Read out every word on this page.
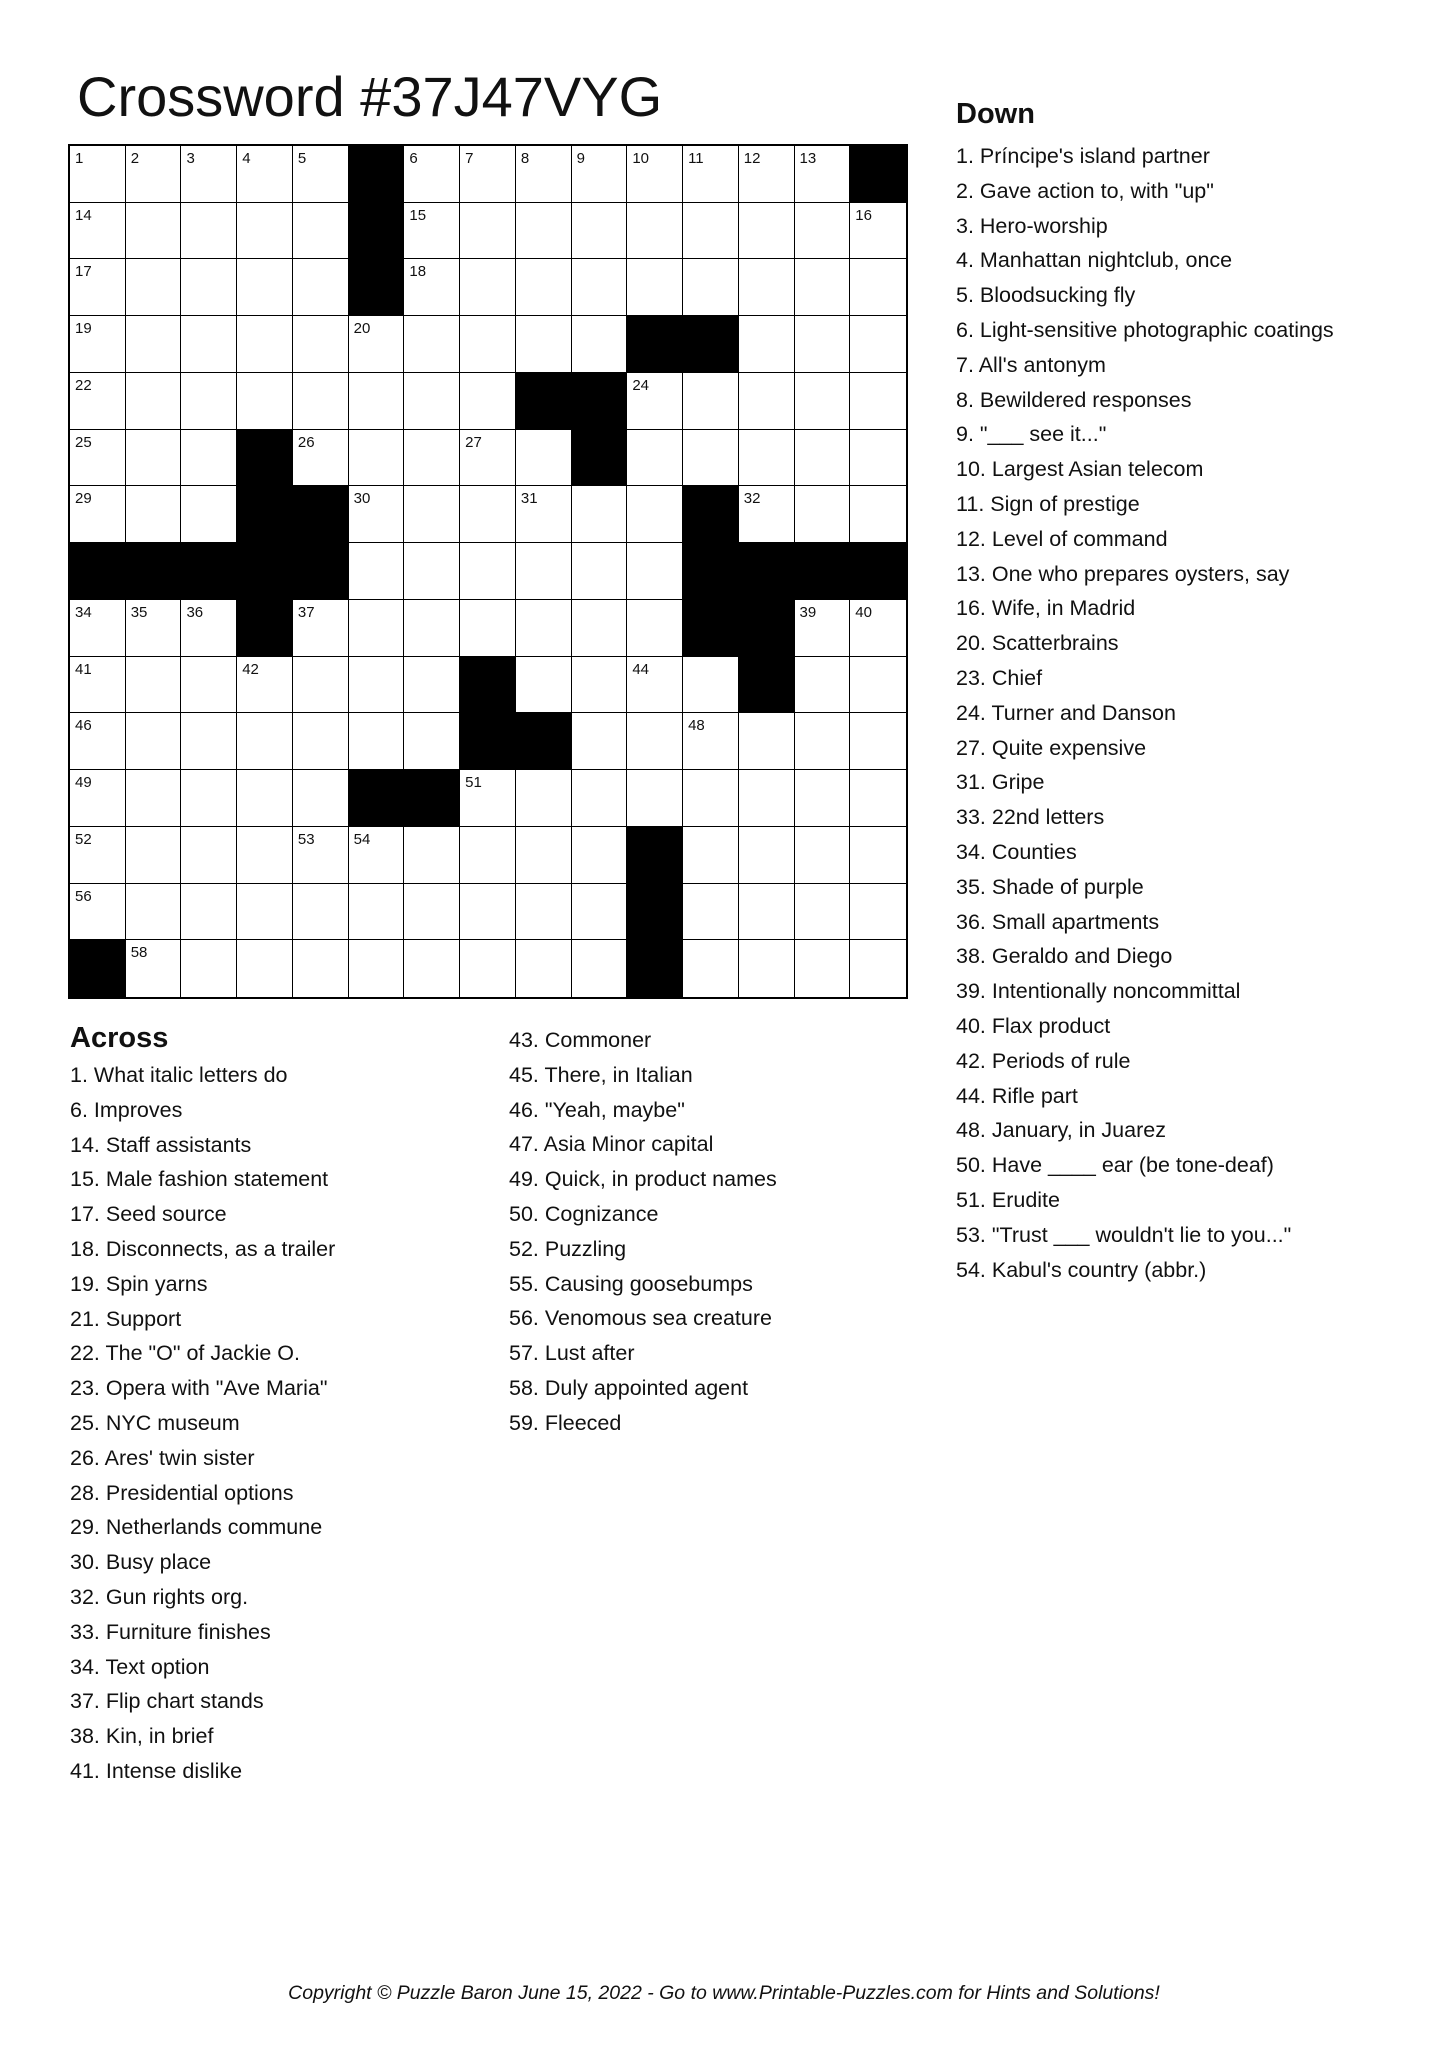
Crossword #37J47VYG
1	2	3	4	5	6	7	8	9	10	11	12	13
14	15	16
17	18
19	20
22	24
25	26	27
29	30	31	32
34	35	36	37	39	40
41	42	44
46	48
49	51
52	53	54
56
58
Across
1. What italic letters do
6. Improves
14. Staff assistants
15. Male fashion statement
17. Seed source
18. Disconnects, as a trailer
19. Spin yarns
21. Support
22. The "O" of Jackie O.
23. Opera with "Ave Maria"
25. NYC museum
26. Ares' twin sister
28. Presidential options
29. Netherlands commune
30. Busy place
32. Gun rights org.
33. Furniture finishes
34. Text option
37. Flip chart stands
38. Kin, in brief
41. Intense dislike
43. Commoner
45. There, in Italian
46. "Yeah, maybe"
47. Asia Minor capital
49. Quick, in product names
50. Cognizance
52. Puzzling
55. Causing goosebumps
56. Venomous sea creature
57. Lust after
58. Duly appointed agent
59. Fleeced
Down
1. Príncipe's island partner
2. Gave action to, with "up"
3. Hero-worship
4. Manhattan nightclub, once
5. Bloodsucking fly
6. Light-sensitive photographic coatings
7. All's antonym
8. Bewildered responses
9. "___ see it..."
10. Largest Asian telecom
11. Sign of prestige
12. Level of command
13. One who prepares oysters, say
16. Wife, in Madrid
20. Scatterbrains
23. Chief
24. Turner and Danson
27. Quite expensive
31. Gripe
33. 22nd letters
34. Counties
35. Shade of purple
36. Small apartments
38. Geraldo and Diego
39. Intentionally noncommittal
40. Flax product
42. Periods of rule
44. Rifle part
48. January, in Juarez
50. Have ____ ear (be tone-deaf)
51. Erudite
53. "Trust ___ wouldn't lie to you..."
54. Kabul's country (abbr.)
Copyright © Puzzle Baron June 15, 2022 - Go to www.Printable-Puzzles.com for Hints and Solutions!
